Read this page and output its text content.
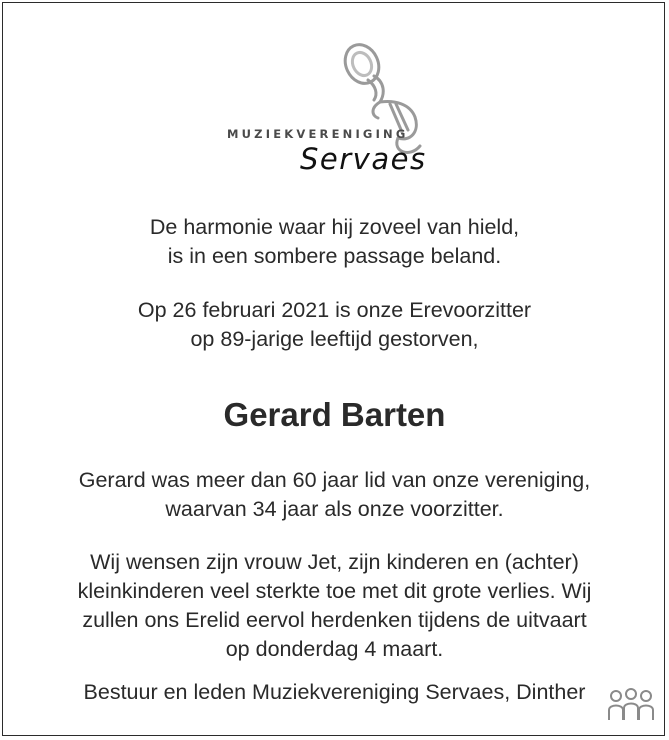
MUZIEKVERENIGING
Servaes
De harmonie waar hij zoveel van hield,
is in een sombere passage beland.
Op 26 februari 2021 is onze Erevoorzitter
op 89-jarige leeftijd gestorven,
Gerard Barten
Gerard was meer dan 60 jaar lid van onze vereniging,
waarvan 34 jaar als onze voorzitter.
Wij wensen zijn vrouw Jet, zijn kinderen en (achter)
kleinkinderen veel sterkte toe met dit grote verlies. Wij
zullen ons Erelid eervol herdenken tijdens de uitvaart
op donderdag 4 maart.
Bestuur en leden Muziekvereniging Servaes, Dinther
